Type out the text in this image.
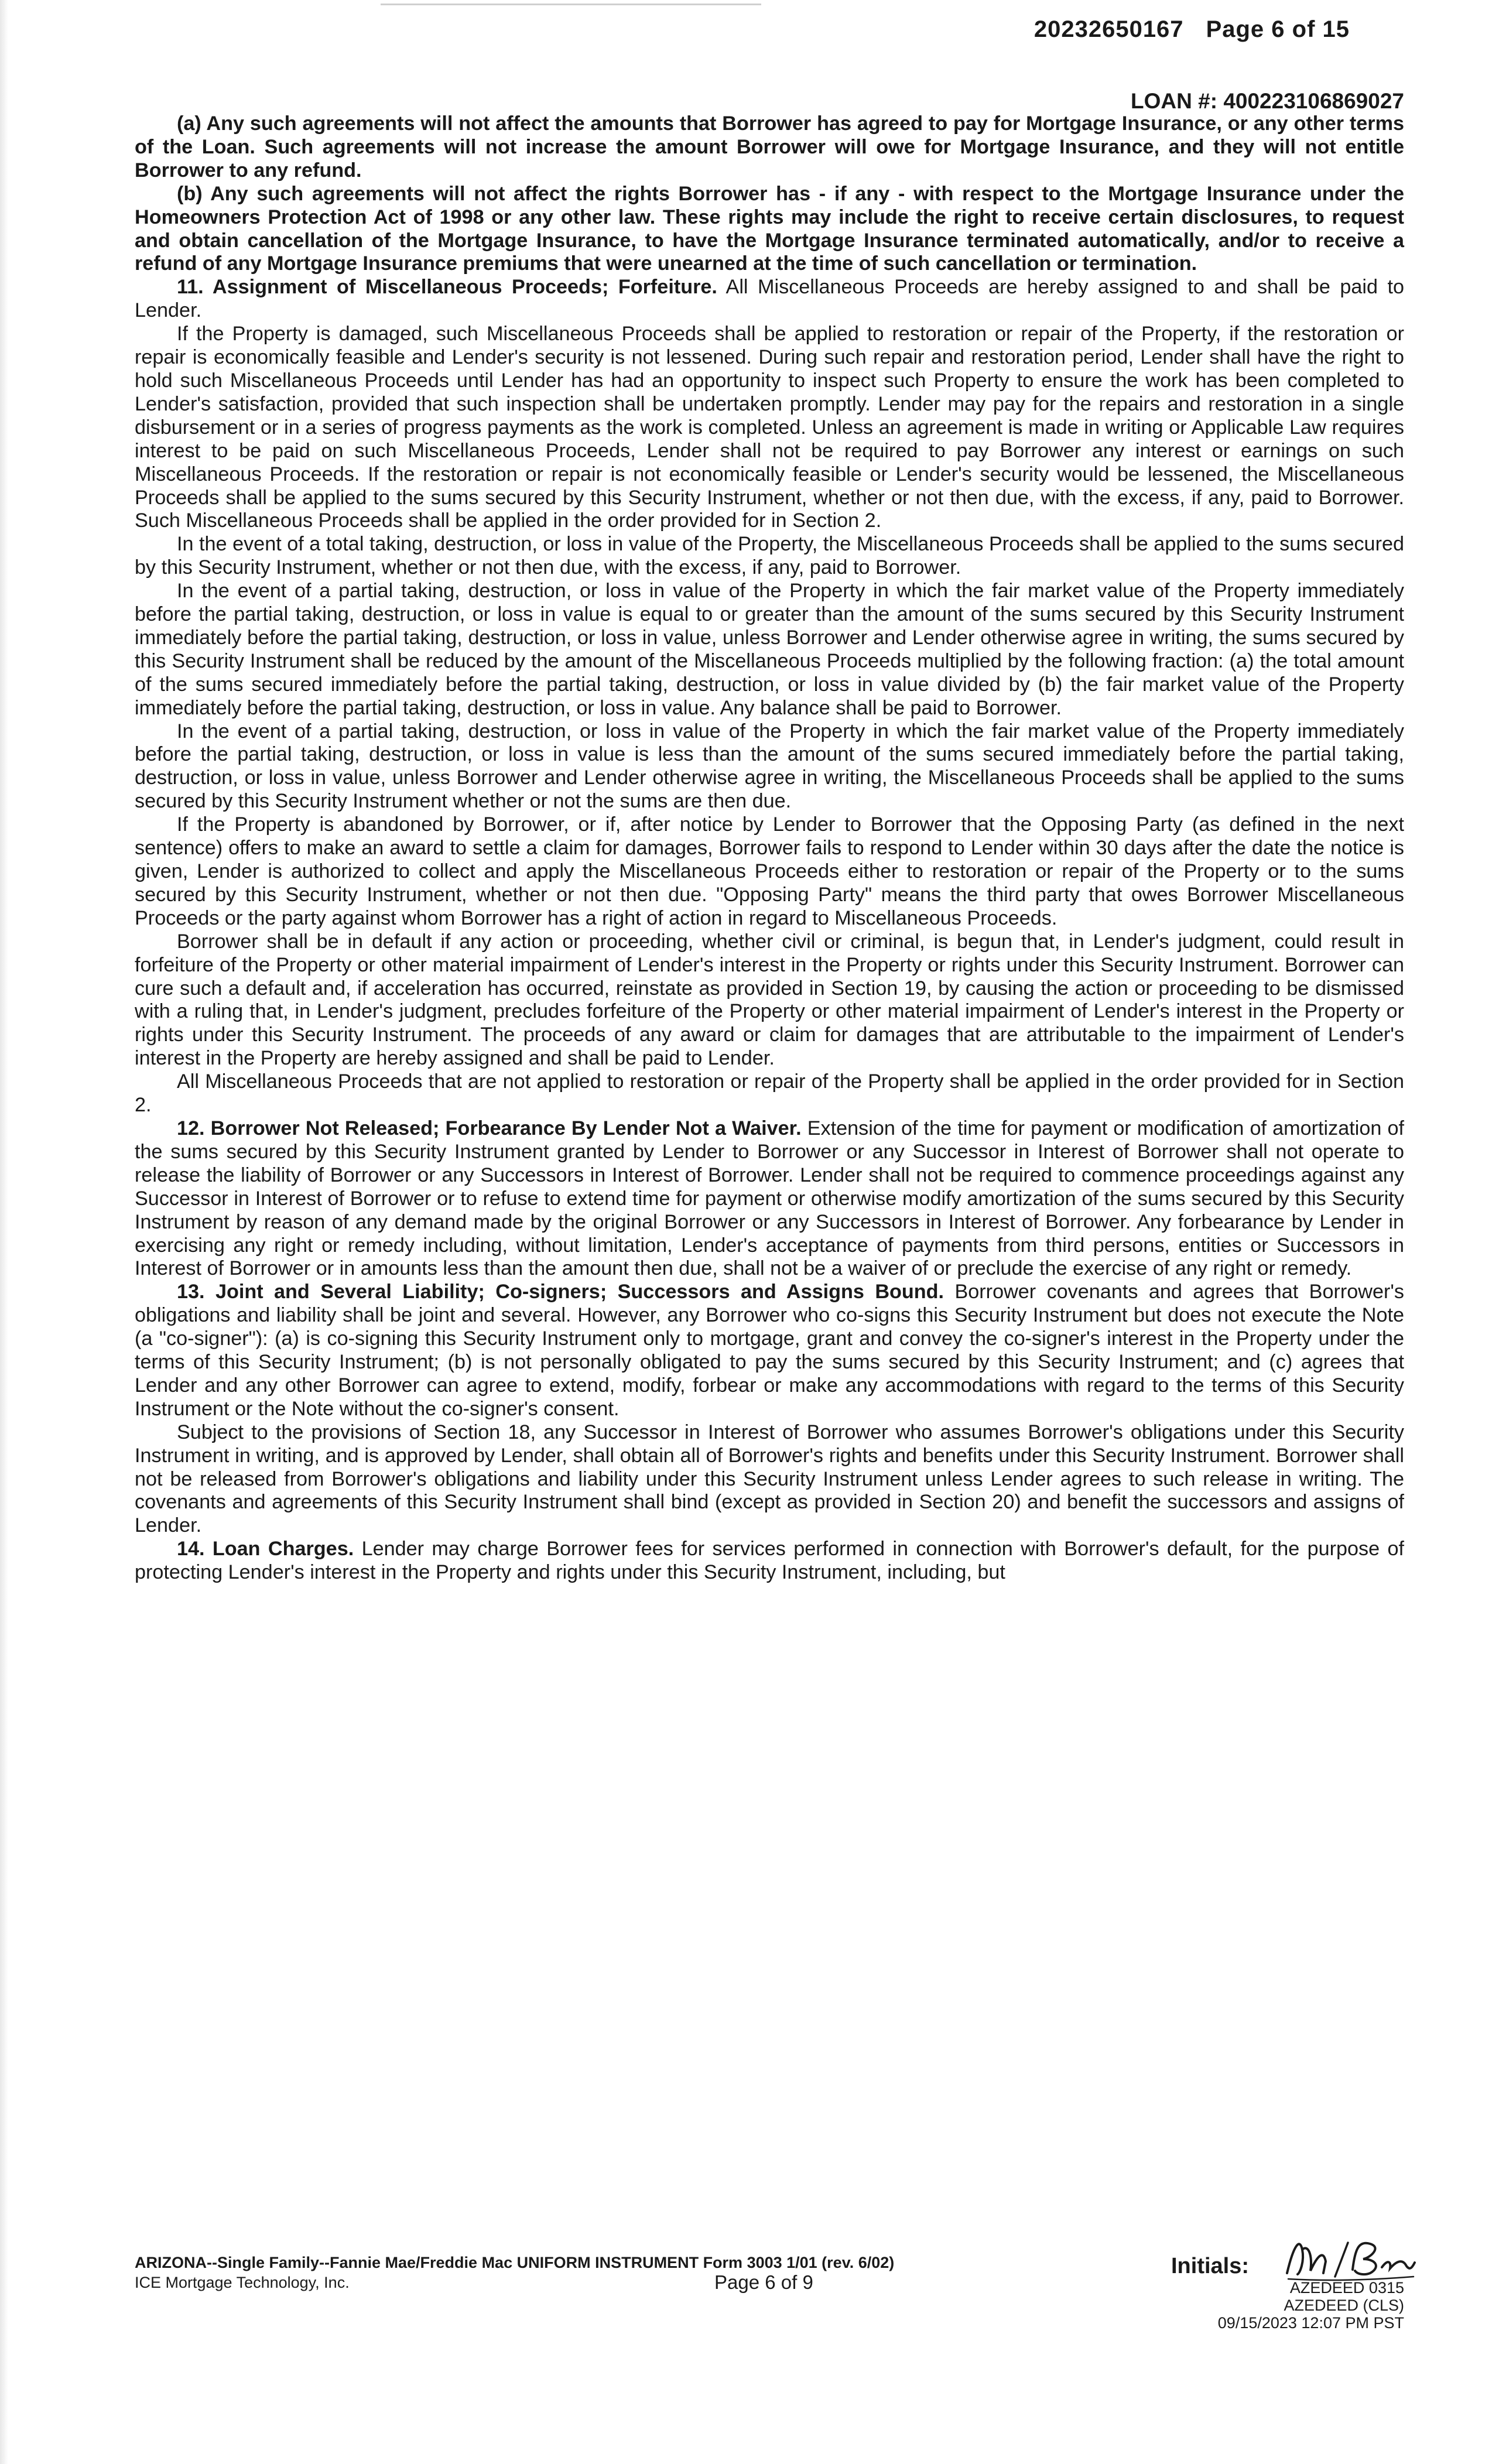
20232650167 Page 6 of 15
LOAN #: 400223106869027

(a) Any such agreements will not affect the amounts that Borrower has agreed to pay for Mortgage Insurance, or any other terms of the Loan. Such agreements will not increase the amount Borrower will owe for Mortgage Insurance, and they will not entitle Borrower to any refund.

(b) Any such agreements will not affect the rights Borrower has - if any - with respect to the Mortgage Insurance under the Homeowners Protection Act of 1998 or any other law. These rights may include the right to receive certain disclosures, to request and obtain cancellation of the Mortgage Insurance, to have the Mortgage Insurance terminated automatically, and/or to receive a refund of any Mortgage Insurance premiums that were unearned at the time of such cancellation or termination.

11. Assignment of Miscellaneous Proceeds; Forfeiture. All Miscellaneous Proceeds are hereby assigned to and shall be paid to Lender.

If the Property is damaged, such Miscellaneous Proceeds shall be applied to restoration or repair of the Property, if the restoration or repair is economically feasible and Lender's security is not lessened. During such repair and restoration period, Lender shall have the right to hold such Miscellaneous Proceeds until Lender has had an opportunity to inspect such Property to ensure the work has been completed to Lender's satisfaction, provided that such inspection shall be undertaken promptly. Lender may pay for the repairs and restoration in a single disbursement or in a series of progress payments as the work is completed. Unless an agreement is made in writing or Applicable Law requires interest to be paid on such Miscellaneous Proceeds, Lender shall not be required to pay Borrower any interest or earnings on such Miscellaneous Proceeds. If the restoration or repair is not economically feasible or Lender's security would be lessened, the Miscellaneous Proceeds shall be applied to the sums secured by this Security Instrument, whether or not then due, with the excess, if any, paid to Borrower. Such Miscellaneous Proceeds shall be applied in the order provided for in Section 2.

In the event of a total taking, destruction, or loss in value of the Property, the Miscellaneous Proceeds shall be applied to the sums secured by this Security Instrument, whether or not then due, with the excess, if any, paid to Borrower.

In the event of a partial taking, destruction, or loss in value of the Property in which the fair market value of the Property immediately before the partial taking, destruction, or loss in value is equal to or greater than the amount of the sums secured by this Security Instrument immediately before the partial taking, destruction, or loss in value, unless Borrower and Lender otherwise agree in writing, the sums secured by this Security Instrument shall be reduced by the amount of the Miscellaneous Proceeds multiplied by the following fraction: (a) the total amount of the sums secured immediately before the partial taking, destruction, or loss in value divided by (b) the fair market value of the Property immediately before the partial taking, destruction, or loss in value. Any balance shall be paid to Borrower.

In the event of a partial taking, destruction, or loss in value of the Property in which the fair market value of the Property immediately before the partial taking, destruction, or loss in value is less than the amount of the sums secured immediately before the partial taking, destruction, or loss in value, unless Borrower and Lender otherwise agree in writing, the Miscellaneous Proceeds shall be applied to the sums secured by this Security Instrument whether or not the sums are then due.

If the Property is abandoned by Borrower, or if, after notice by Lender to Borrower that the Opposing Party (as defined in the next sentence) offers to make an award to settle a claim for damages, Borrower fails to respond to Lender within 30 days after the date the notice is given, Lender is authorized to collect and apply the Miscellaneous Proceeds either to restoration or repair of the Property or to the sums secured by this Security Instrument, whether or not then due. "Opposing Party" means the third party that owes Borrower Miscellaneous Proceeds or the party against whom Borrower has a right of action in regard to Miscellaneous Proceeds.

Borrower shall be in default if any action or proceeding, whether civil or criminal, is begun that, in Lender's judgment, could result in forfeiture of the Property or other material impairment of Lender's interest in the Property or rights under this Security Instrument. Borrower can cure such a default and, if acceleration has occurred, reinstate as provided in Section 19, by causing the action or proceeding to be dismissed with a ruling that, in Lender's judgment, precludes forfeiture of the Property or other material impairment of Lender's interest in the Property or rights under this Security Instrument. The proceeds of any award or claim for damages that are attributable to the impairment of Lender's interest in the Property are hereby assigned and shall be paid to Lender.

All Miscellaneous Proceeds that are not applied to restoration or repair of the Property shall be applied in the order provided for in Section 2.

12. Borrower Not Released; Forbearance By Lender Not a Waiver. Extension of the time for payment or modification of amortization of the sums secured by this Security Instrument granted by Lender to Borrower or any Successor in Interest of Borrower shall not operate to release the liability of Borrower or any Successors in Interest of Borrower. Lender shall not be required to commence proceedings against any Successor in Interest of Borrower or to refuse to extend time for payment or otherwise modify amortization of the sums secured by this Security Instrument by reason of any demand made by the original Borrower or any Successors in Interest of Borrower. Any forbearance by Lender in exercising any right or remedy including, without limitation, Lender's acceptance of payments from third persons, entities or Successors in Interest of Borrower or in amounts less than the amount then due, shall not be a waiver of or preclude the exercise of any right or remedy.

13. Joint and Several Liability; Co-signers; Successors and Assigns Bound. Borrower covenants and agrees that Borrower's obligations and liability shall be joint and several. However, any Borrower who co-signs this Security Instrument but does not execute the Note (a "co-signer"): (a) is co-signing this Security Instrument only to mortgage, grant and convey the co-signer's interest in the Property under the terms of this Security Instrument; (b) is not personally obligated to pay the sums secured by this Security Instrument; and (c) agrees that Lender and any other Borrower can agree to extend, modify, forbear or make any accommodations with regard to the terms of this Security Instrument or the Note without the co-signer's consent.

Subject to the provisions of Section 18, any Successor in Interest of Borrower who assumes Borrower's obligations under this Security Instrument in writing, and is approved by Lender, shall obtain all of Borrower's rights and benefits under this Security Instrument. Borrower shall not be released from Borrower's obligations and liability under this Security Instrument unless Lender agrees to such release in writing. The covenants and agreements of this Security Instrument shall bind (except as provided in Section 20) and benefit the successors and assigns of Lender.

14. Loan Charges. Lender may charge Borrower fees for services performed in connection with Borrower's default, for the purpose of protecting Lender's interest in the Property and rights under this Security Instrument, including, but

ARIZONA--Single Family--Fannie Mae/Freddie Mac UNIFORM INSTRUMENT Form 3003 1/01 (rev. 6/02)
ICE Mortgage Technology, Inc.	Page 6 of 9
Initials:
AZEDEED 0315
AZEDEED (CLS)
09/15/2023 12:07 PM PST
